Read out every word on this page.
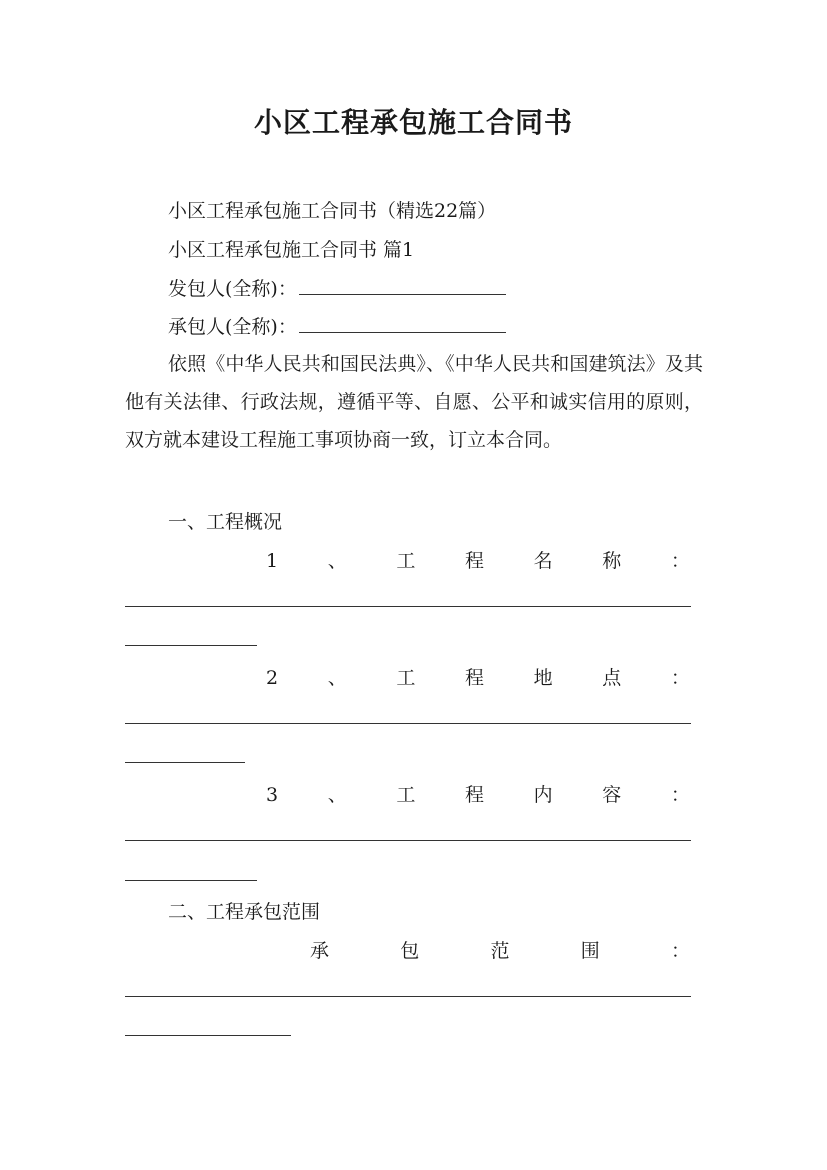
小区工程承包施工合同书
小区工程承包施工合同书（精选22篇）
小区工程承包施工合同书 篇1
发包人(全称)：
承包人(全称)：
依照《中华人民共和国民法典》、《中华人民共和国建筑法》及其他有关法律、行政法规，遵循平等、自愿、公平和诚实信用的原则，双方就本建设工程施工事项协商一致，订立本合同。
一、工程概况
1	、	工	程	名	称	：
2	、	工	程	地	点	：
3	、	工	程	内	容	：
二、工程承包范围
承	包	范	围	：
